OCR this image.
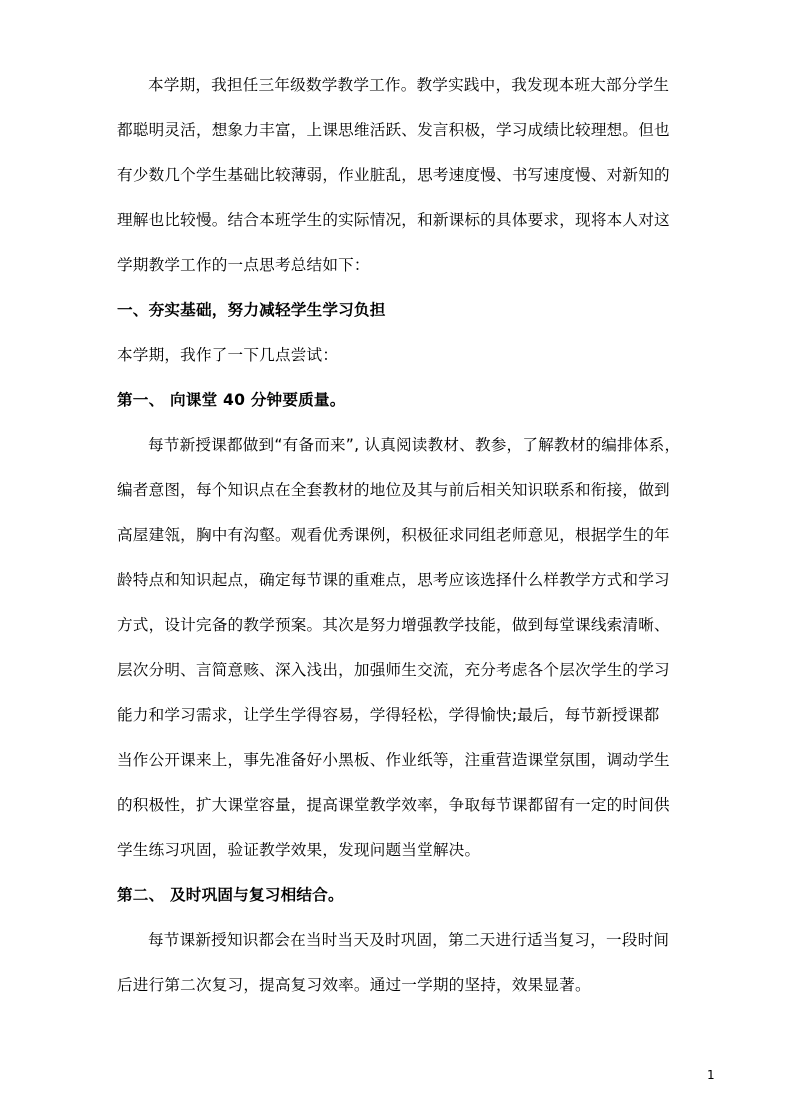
本学期，我担任三年级数学教学工作。教学实践中，我发现本班大部分学生
都聪明灵活，想象力丰富，上课思维活跃、发言积极，学习成绩比较理想。但也
有少数几个学生基础比较薄弱，作业脏乱，思考速度慢、书写速度慢、对新知的
理解也比较慢。结合本班学生的实际情况，和新课标的具体要求，现将本人对这
学期教学工作的一点思考总结如下：
一、夯实基础，努力减轻学生学习负担
本学期，我作了一下几点尝试：
第一、 向课堂 40 分钟要质量。
每节新授课都做到“有备而来”, 认真阅读教材、教参，了解教材的编排体系，
编者意图，每个知识点在全套教材的地位及其与前后相关知识联系和衔接，做到
高屋建瓴，胸中有沟壑。观看优秀课例，积极征求同组老师意见，根据学生的年
龄特点和知识起点，确定每节课的重难点，思考应该选择什么样教学方式和学习
方式，设计完备的教学预案。其次是努力增强教学技能，做到每堂课线索清晰、
层次分明、言简意赅、深入浅出，加强师生交流，充分考虑各个层次学生的学习
能力和学习需求，让学生学得容易，学得轻松，学得愉快;最后，每节新授课都
当作公开课来上，事先准备好小黑板、作业纸等，注重营造课堂氛围，调动学生
的积极性，扩大课堂容量，提高课堂教学效率，争取每节课都留有一定的时间供
学生练习巩固，验证教学效果，发现问题当堂解决。
第二、 及时巩固与复习相结合。
每节课新授知识都会在当时当天及时巩固，第二天进行适当复习，一段时间
后进行第二次复习，提高复习效率。通过一学期的坚持，效果显著。
1
